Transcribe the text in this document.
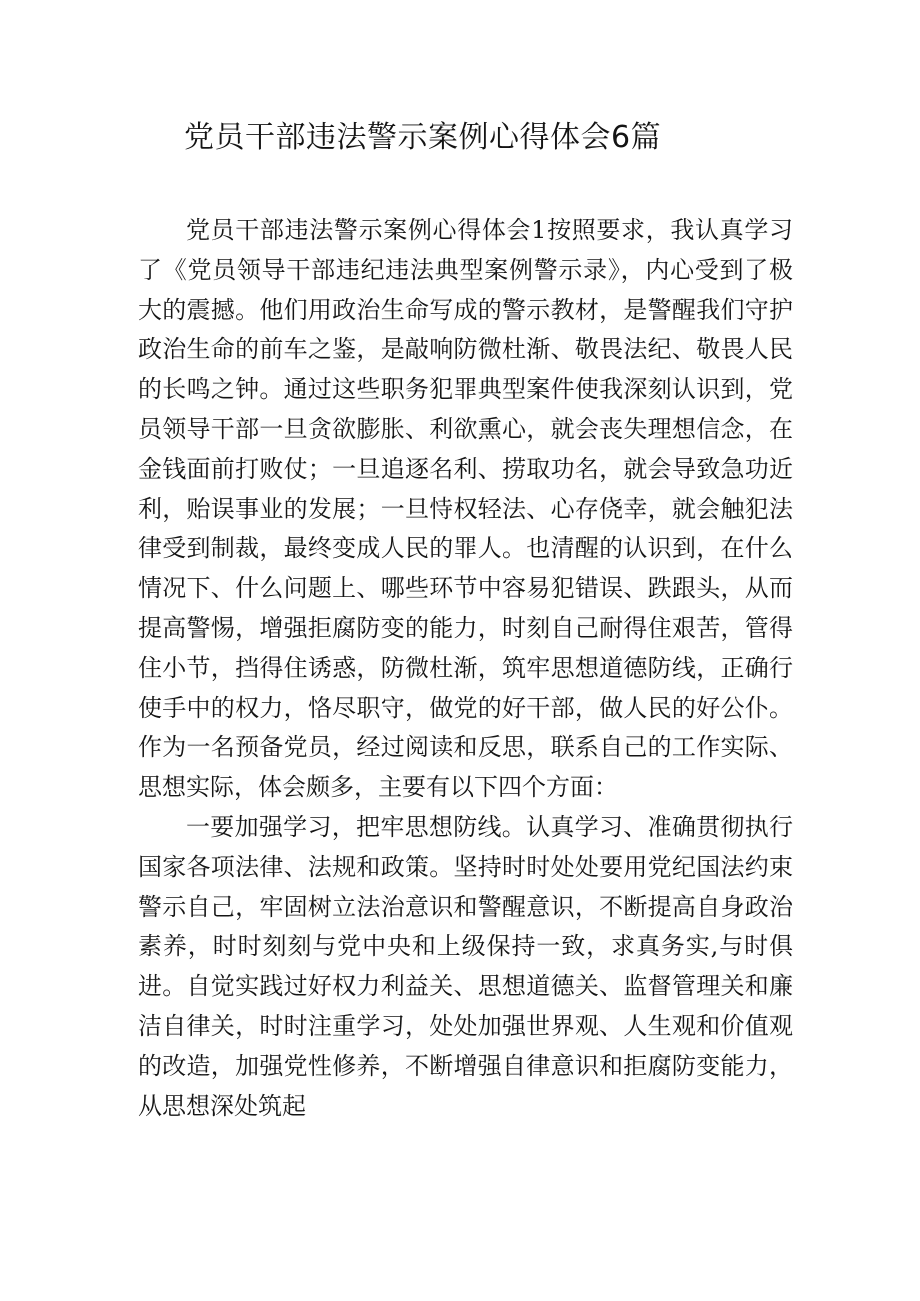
党员干部违法警示案例心得体会6篇

党员干部违法警示案例心得体会1按照要求，我认真学习了《党员领导干部违纪违法典型案例警示录》，内心受到了极大的震撼。他们用政治生命写成的警示教材，是警醒我们守护政治生命的前车之鉴，是敲响防微杜渐、敬畏法纪、敬畏人民的长鸣之钟。通过这些职务犯罪典型案件使我深刻认识到，党员领导干部一旦贪欲膨胀、利欲熏心，就会丧失理想信念，在金钱面前打败仗；一旦追逐名利、捞取功名，就会导致急功近利，贻误事业的发展；一旦恃权轻法、心存侥幸，就会触犯法律受到制裁，最终变成人民的罪人。也清醒的认识到，在什么情况下、什么问题上、哪些环节中容易犯错误、跌跟头，从而提高警惕，增强拒腐防变的能力，时刻自己耐得住艰苦，管得住小节，挡得住诱惑，防微杜渐，筑牢思想道德防线，正确行使手中的权力，恪尽职守，做党的好干部，做人民的好公仆。作为一名预备党员，经过阅读和反思，联系自己的工作实际、思想实际，体会颇多，主要有以下四个方面：

一要加强学习，把牢思想防线。认真学习、准确贯彻执行国家各项法律、法规和政策。坚持时时处处要用党纪国法约束警示自己，牢固树立法治意识和警醒意识，不断提高自身政治素养，时时刻刻与党中央和上级保持一致，求真务实,与时俱进。自觉实践过好权力利益关、思想道德关、监督管理关和廉洁自律关，时时注重学习，处处加强世界观、人生观和价值观的改造，加强党性修养，不断增强自律意识和拒腐防变能力，从思想深处筑起
